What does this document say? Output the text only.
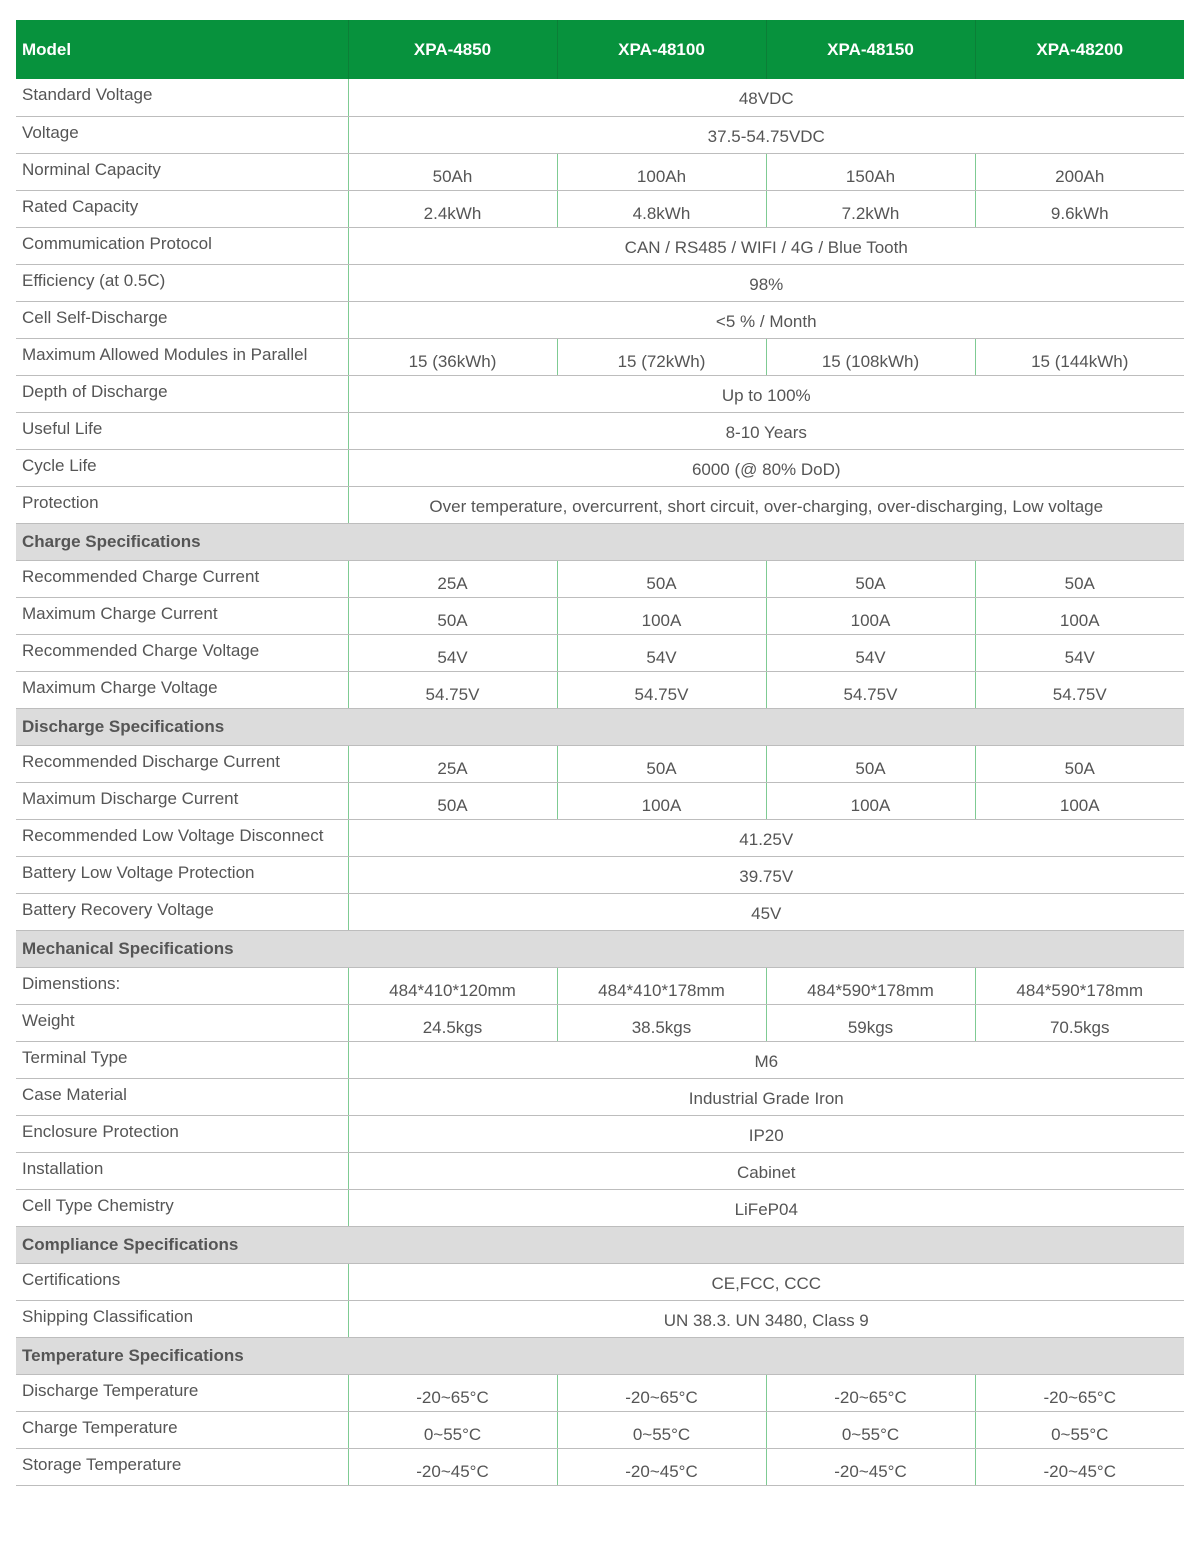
Model	XPA-4850	XPA-48100	XPA-48150	XPA-48200
Standard Voltage	48VDC			
Voltage	37.5-54.75VDC			
Norminal Capacity	50Ah	100Ah	150Ah	200Ah
Rated Capacity	2.4kWh	4.8kWh	7.2kWh	9.6kWh
Commumication Protocol	CAN / RS485 / WIFI / 4G / Blue Tooth			
Efficiency (at 0.5C)	98%			
Cell Self-Discharge	<5 % / Month			
Maximum Allowed Modules in Parallel	15 (36kWh)	15 (72kWh)	15 (108kWh)	15 (144kWh)
Depth of Discharge	Up to 100%			
Useful Life	8-10 Years			
Cycle Life	6000 (@ 80% DoD)			
Protection	Over temperature, overcurrent, short circuit, over-charging, over-discharging, Low voltage			
Charge Specifications				
Recommended Charge Current	25A	50A	50A	50A
Maximum Charge Current	50A	100A	100A	100A
Recommended Charge Voltage	54V	54V	54V	54V
Maximum Charge Voltage	54.75V	54.75V	54.75V	54.75V
Discharge Specifications				
Recommended Discharge Current	25A	50A	50A	50A
Maximum Discharge Current	50A	100A	100A	100A
Recommended Low Voltage Disconnect	41.25V			
Battery Low Voltage Protection	39.75V			
Battery Recovery Voltage	45V			
Mechanical Specifications				
Dimenstions:	484*410*120mm	484*410*178mm	484*590*178mm	484*590*178mm
Weight	24.5kgs	38.5kgs	59kgs	70.5kgs
Terminal Type	M6			
Case Material	Industrial Grade Iron			
Enclosure Protection	IP20			
Installation	Cabinet			
Cell Type Chemistry	LiFeP04			
Compliance Specifications				
Certifications	CE,FCC, CCC			
Shipping Classification	UN 38.3. UN 3480, Class 9			
Temperature Specifications				
Discharge Temperature	-20~65°C	-20~65°C	-20~65°C	-20~65°C
Charge Temperature	0~55°C	0~55°C	0~55°C	0~55°C
Storage Temperature	-20~45°C	-20~45°C	-20~45°C	-20~45°C
